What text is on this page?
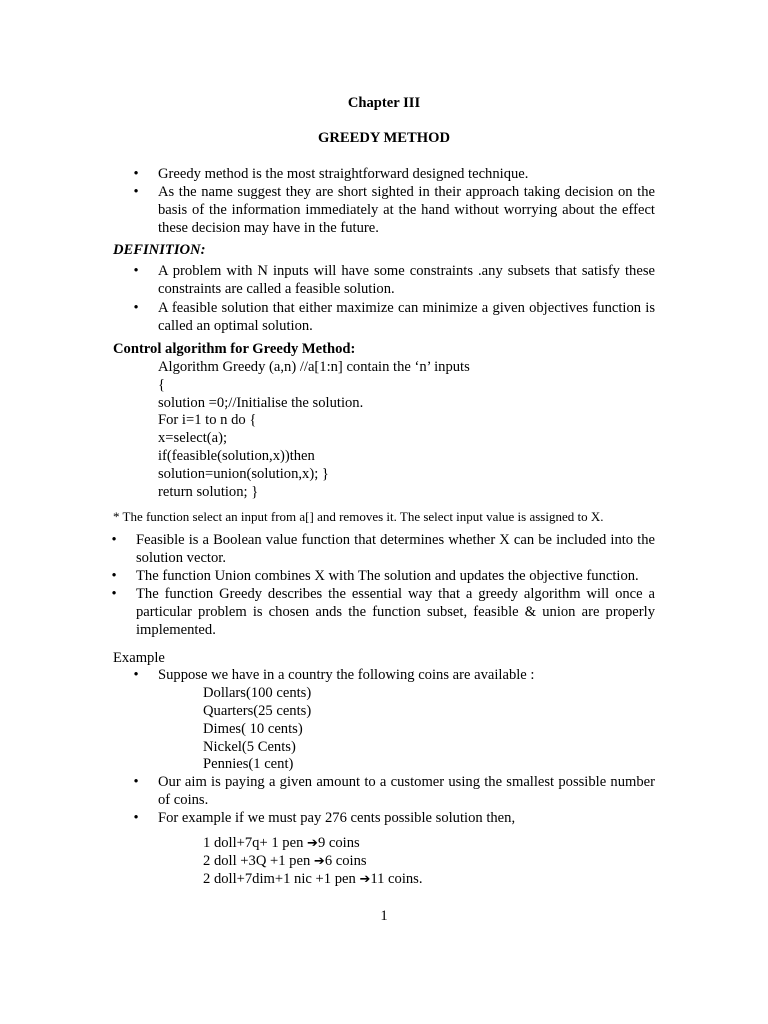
Chapter III
GREEDY METHOD
• Greedy method is the most straightforward designed technique.
• As the name suggest they are short sighted in their approach taking decision on the basis of the information immediately at the hand without worrying about the effect these decision may have in the future.
DEFINITION:
• A problem with N inputs will have some constraints .any subsets that satisfy these constraints are called a feasible solution.
• A feasible solution that either maximize can minimize a given objectives function is called an optimal solution.
Control algorithm for Greedy Method:
Algorithm Greedy (a,n) //a[1:n] contain the ‘n’ inputs
{
solution =0;//Initialise the solution.
For i=1 to n do {
x=select(a);
if(feasible(solution,x))then
solution=union(solution,x); }
return solution; }
* The function select an input from a[] and removes it. The select input value is assigned to X.
• Feasible is a Boolean value function that determines whether X can be included into the solution vector.
• The function Union combines X with The solution and updates the objective function.
• The function Greedy describes the essential way that a greedy algorithm will once a particular problem is chosen ands the function subset, feasible & union are properly implemented.
Example
• Suppose we have in a country the following coins are available :
Dollars(100 cents)
Quarters(25 cents)
Dimes( 10 cents)
Nickel(5 Cents)
Pennies(1 cent)
• Our aim is paying a given amount to a customer using the smallest possible number of coins.
• For example if we must pay 276 cents possible solution then,
1 doll+7q+ 1 pen ➔9 coins
2 doll +3Q +1 pen ➔6 coins
2 doll+7dim+1 nic +1 pen ➔11 coins.
1
